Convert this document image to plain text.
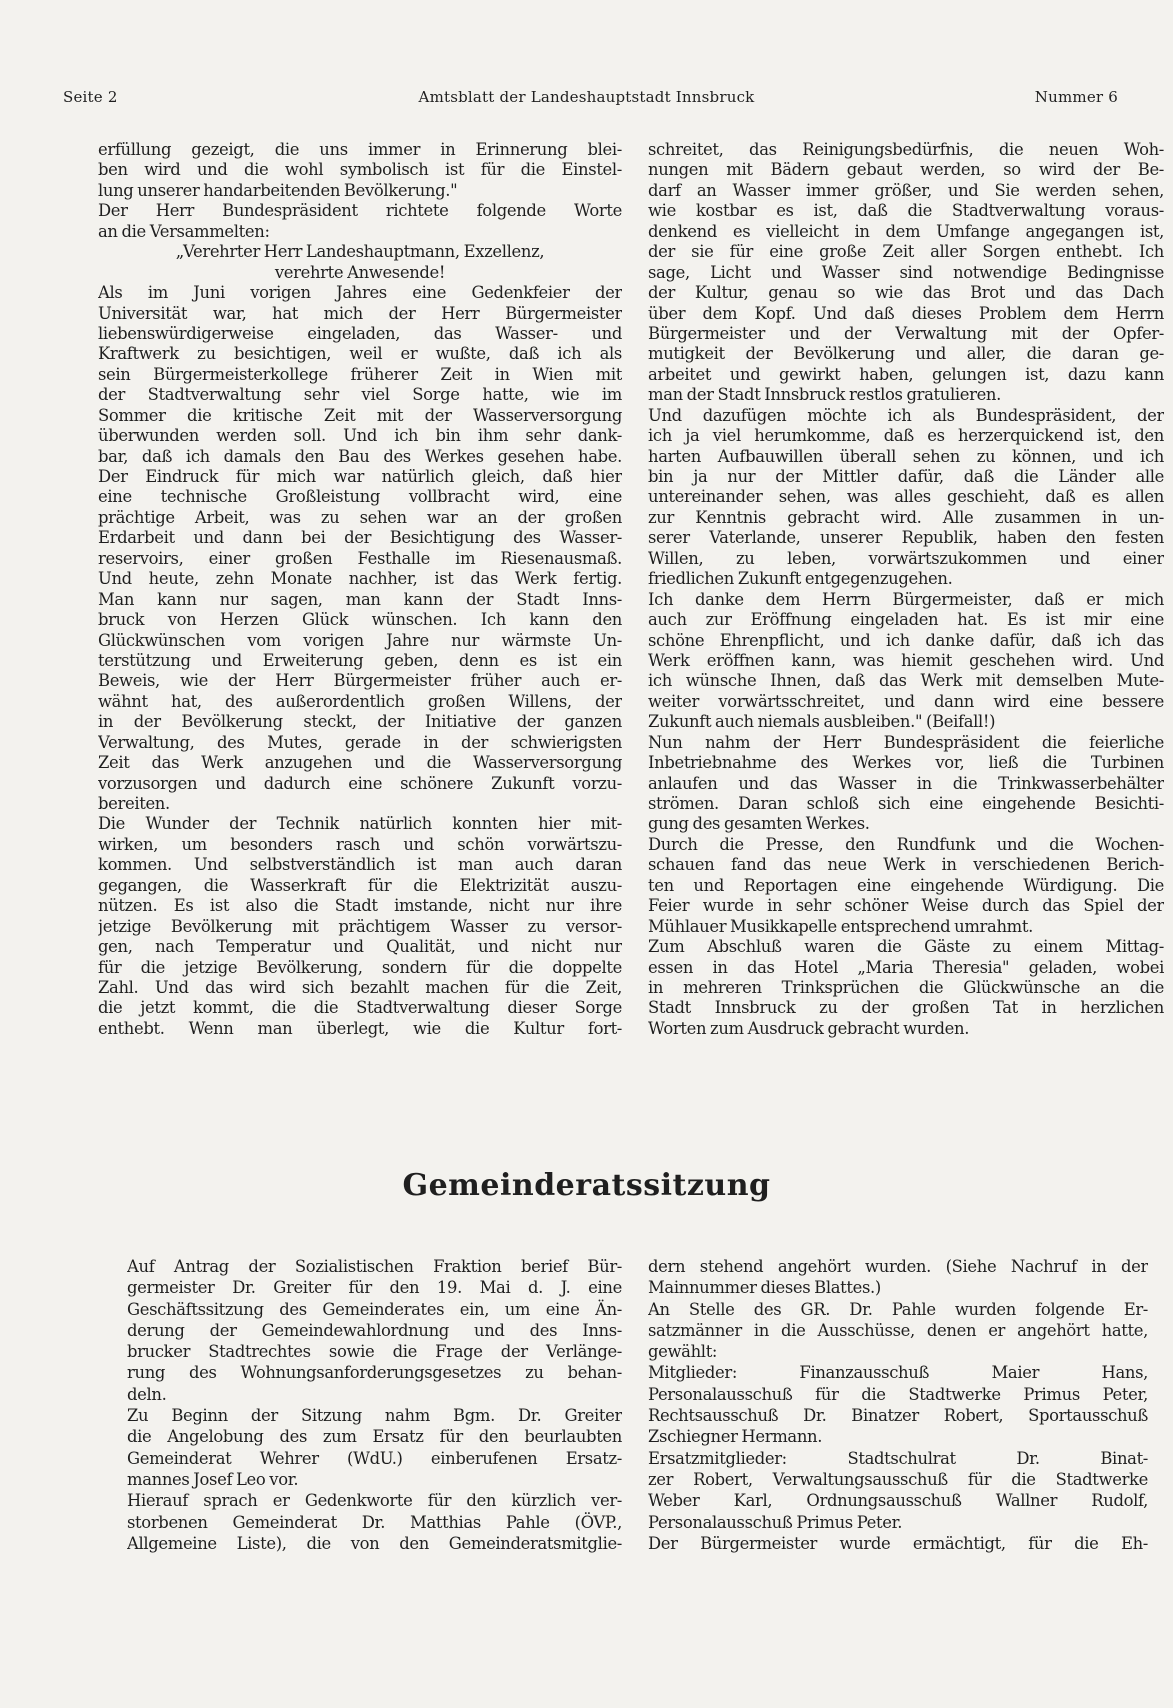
Seite 2	Amtsblatt der Landeshauptstadt Innsbruck	Nummer 6
erfüllung gezeigt, die uns immer in Erinnerung blei-
ben wird und die wohl symbolisch ist für die Einstel-
lung unserer handarbeitenden Bevölkerung."
Der Herr Bundespräsident richtete folgende Worte
an die Versammelten:
„Verehrter Herr Landeshauptmann, Exzellenz,
verehrte Anwesende!
Als im Juni vorigen Jahres eine Gedenkfeier der
Universität war, hat mich der Herr Bürgermeister
liebenswürdigerweise eingeladen, das Wasser- und
Kraftwerk zu besichtigen, weil er wußte, daß ich als
sein Bürgermeisterkollege früherer Zeit in Wien mit
der Stadtverwaltung sehr viel Sorge hatte, wie im
Sommer die kritische Zeit mit der Wasserversorgung
überwunden werden soll. Und ich bin ihm sehr dank-
bar, daß ich damals den Bau des Werkes gesehen habe.
Der Eindruck für mich war natürlich gleich, daß hier
eine technische Großleistung vollbracht wird, eine
prächtige Arbeit, was zu sehen war an der großen
Erdarbeit und dann bei der Besichtigung des Wasser-
reservoirs, einer großen Festhalle im Riesenausmaß.
Und heute, zehn Monate nachher, ist das Werk fertig.
Man kann nur sagen, man kann der Stadt Inns-
bruck von Herzen Glück wünschen. Ich kann den
Glückwünschen vom vorigen Jahre nur wärmste Un-
terstützung und Erweiterung geben, denn es ist ein
Beweis, wie der Herr Bürgermeister früher auch er-
wähnt hat, des außerordentlich großen Willens, der
in der Bevölkerung steckt, der Initiative der ganzen
Verwaltung, des Mutes, gerade in der schwierigsten
Zeit das Werk anzugehen und die Wasserversorgung
vorzusorgen und dadurch eine schönere Zukunft vorzu-
bereiten.
Die Wunder der Technik natürlich konnten hier mit-
wirken, um besonders rasch und schön vorwärtszu-
kommen. Und selbstverständlich ist man auch daran
gegangen, die Wasserkraft für die Elektrizität auszu-
nützen. Es ist also die Stadt imstande, nicht nur ihre
jetzige Bevölkerung mit prächtigem Wasser zu versor-
gen, nach Temperatur und Qualität, und nicht nur
für die jetzige Bevölkerung, sondern für die doppelte
Zahl. Und das wird sich bezahlt machen für die Zeit,
die jetzt kommt, die die Stadtverwaltung dieser Sorge
enthebt. Wenn man überlegt, wie die Kultur fort-
schreitet, das Reinigungsbedürfnis, die neuen Woh-
nungen mit Bädern gebaut werden, so wird der Be-
darf an Wasser immer größer, und Sie werden sehen,
wie kostbar es ist, daß die Stadtverwaltung voraus-
denkend es vielleicht in dem Umfange angegangen ist,
der sie für eine große Zeit aller Sorgen enthebt. Ich
sage, Licht und Wasser sind notwendige Bedingnisse
der Kultur, genau so wie das Brot und das Dach
über dem Kopf. Und daß dieses Problem dem Herrn
Bürgermeister und der Verwaltung mit der Opfer-
mutigkeit der Bevölkerung und aller, die daran ge-
arbeitet und gewirkt haben, gelungen ist, dazu kann
man der Stadt Innsbruck restlos gratulieren.
Und dazufügen möchte ich als Bundespräsident, der
ich ja viel herumkomme, daß es herzerquickend ist, den
harten Aufbauwillen überall sehen zu können, und ich
bin ja nur der Mittler dafür, daß die Länder alle
untereinander sehen, was alles geschieht, daß es allen
zur Kenntnis gebracht wird. Alle zusammen in un-
serer Vaterlande, unserer Republik, haben den festen
Willen, zu leben, vorwärtszukommen und einer
friedlichen Zukunft entgegenzugehen.
Ich danke dem Herrn Bürgermeister, daß er mich
auch zur Eröffnung eingeladen hat. Es ist mir eine
schöne Ehrenpflicht, und ich danke dafür, daß ich das
Werk eröffnen kann, was hiemit geschehen wird. Und
ich wünsche Ihnen, daß das Werk mit demselben Mute-
weiter vorwärtsschreitet, und dann wird eine bessere
Zukunft auch niemals ausbleiben." (Beifall!)
Nun nahm der Herr Bundespräsident die feierliche
Inbetriebnahme des Werkes vor, ließ die Turbinen
anlaufen und das Wasser in die Trinkwasserbehälter
strömen. Daran schloß sich eine eingehende Besichti-
gung des gesamten Werkes.
Durch die Presse, den Rundfunk und die Wochen-
schauen fand das neue Werk in verschiedenen Berich-
ten und Reportagen eine eingehende Würdigung. Die
Feier wurde in sehr schöner Weise durch das Spiel der
Mühlauer Musikkapelle entsprechend umrahmt.
Zum Abschluß waren die Gäste zu einem Mittag-
essen in das Hotel „Maria Theresia" geladen, wobei
in mehreren Trinksprüchen die Glückwünsche an die
Stadt Innsbruck zu der großen Tat in herzlichen
Worten zum Ausdruck gebracht wurden.
Gemeinderatssitzung
Auf Antrag der Sozialistischen Fraktion berief Bür-
germeister Dr. Greiter für den 19. Mai d. J. eine
Geschäftssitzung des Gemeinderates ein, um eine Än-
derung der Gemeindewahlordnung und des Inns-
brucker Stadtrechtes sowie die Frage der Verlänge-
rung des Wohnungsanforderungsgesetzes zu behan-
deln.
Zu Beginn der Sitzung nahm Bgm. Dr. Greiter
die Angelobung des zum Ersatz für den beurlaubten
Gemeinderat Wehrer (WdU.) einberufenen Ersatz-
mannes Josef Leo vor.
Hierauf sprach er Gedenkworte für den kürzlich ver-
storbenen Gemeinderat Dr. Matthias Pahle (ÖVP.,
Allgemeine Liste), die von den Gemeinderatsmitglie-
dern stehend angehört wurden. (Siehe Nachruf in der
Mainnummer dieses Blattes.)
An Stelle des GR. Dr. Pahle wurden folgende Er-
satzmänner in die Ausschüsse, denen er angehört hatte,
gewählt:
Mitglieder: Finanzausschuß Maier Hans,
Personalausschuß für die Stadtwerke Primus Peter,
Rechtsausschuß Dr. Binatzer Robert, Sportausschuß
Zschiegner Hermann.
Ersatzmitglieder: Stadtschulrat Dr. Binat-
zer Robert, Verwaltungsausschuß für die Stadtwerke
Weber Karl, Ordnungsausschuß Wallner Rudolf,
Personalausschuß Primus Peter.
Der Bürgermeister wurde ermächtigt, für die Eh-
